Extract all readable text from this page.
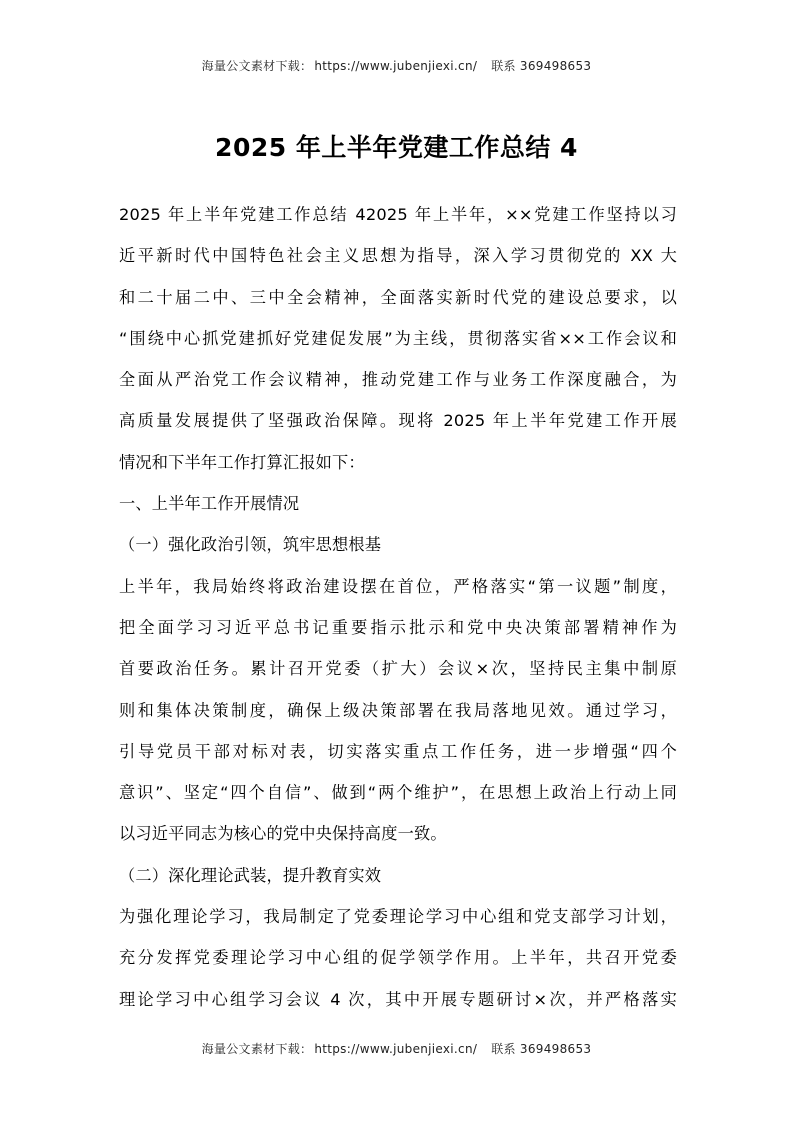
海量公文素材下载： https://www.jubenjiexi.cn/ 联系 369498653
2025 年上半年党建工作总结 4
2025 年上半年党建工作总结 42025 年上半年，××党建工作坚持以习
近平新时代中国特色社会主义思想为指导，深入学习贯彻党的 XX 大
和二十届二中、三中全会精神，全面落实新时代党的建设总要求，以
“围绕中心抓党建抓好党建促发展”为主线，贯彻落实省××工作会议和
全面从严治党工作会议精神，推动党建工作与业务工作深度融合，为
高质量发展提供了坚强政治保障。现将 2025 年上半年党建工作开展
情况和下半年工作打算汇报如下：
一、上半年工作开展情况
（一）强化政治引领，筑牢思想根基
上半年，我局始终将政治建设摆在首位，严格落实“第一议题”制度，
把全面学习习近平总书记重要指示批示和党中央决策部署精神作为
首要政治任务。累计召开党委（扩大）会议×次，坚持民主集中制原
则和集体决策制度，确保上级决策部署在我局落地见效。通过学习，
引导党员干部对标对表，切实落实重点工作任务，进一步增强“四个
意识”、坚定“四个自信”、做到“两个维护”，在思想上政治上行动上同
以习近平同志为核心的党中央保持高度一致。
（二）深化理论武装，提升教育实效
为强化理论学习，我局制定了党委理论学习中心组和党支部学习计划，
充分发挥党委理论学习中心组的促学领学作用。上半年，共召开党委
理论学习中心组学习会议 4 次，其中开展专题研讨×次，并严格落实
海量公文素材下载： https://www.jubenjiexi.cn/ 联系 369498653
